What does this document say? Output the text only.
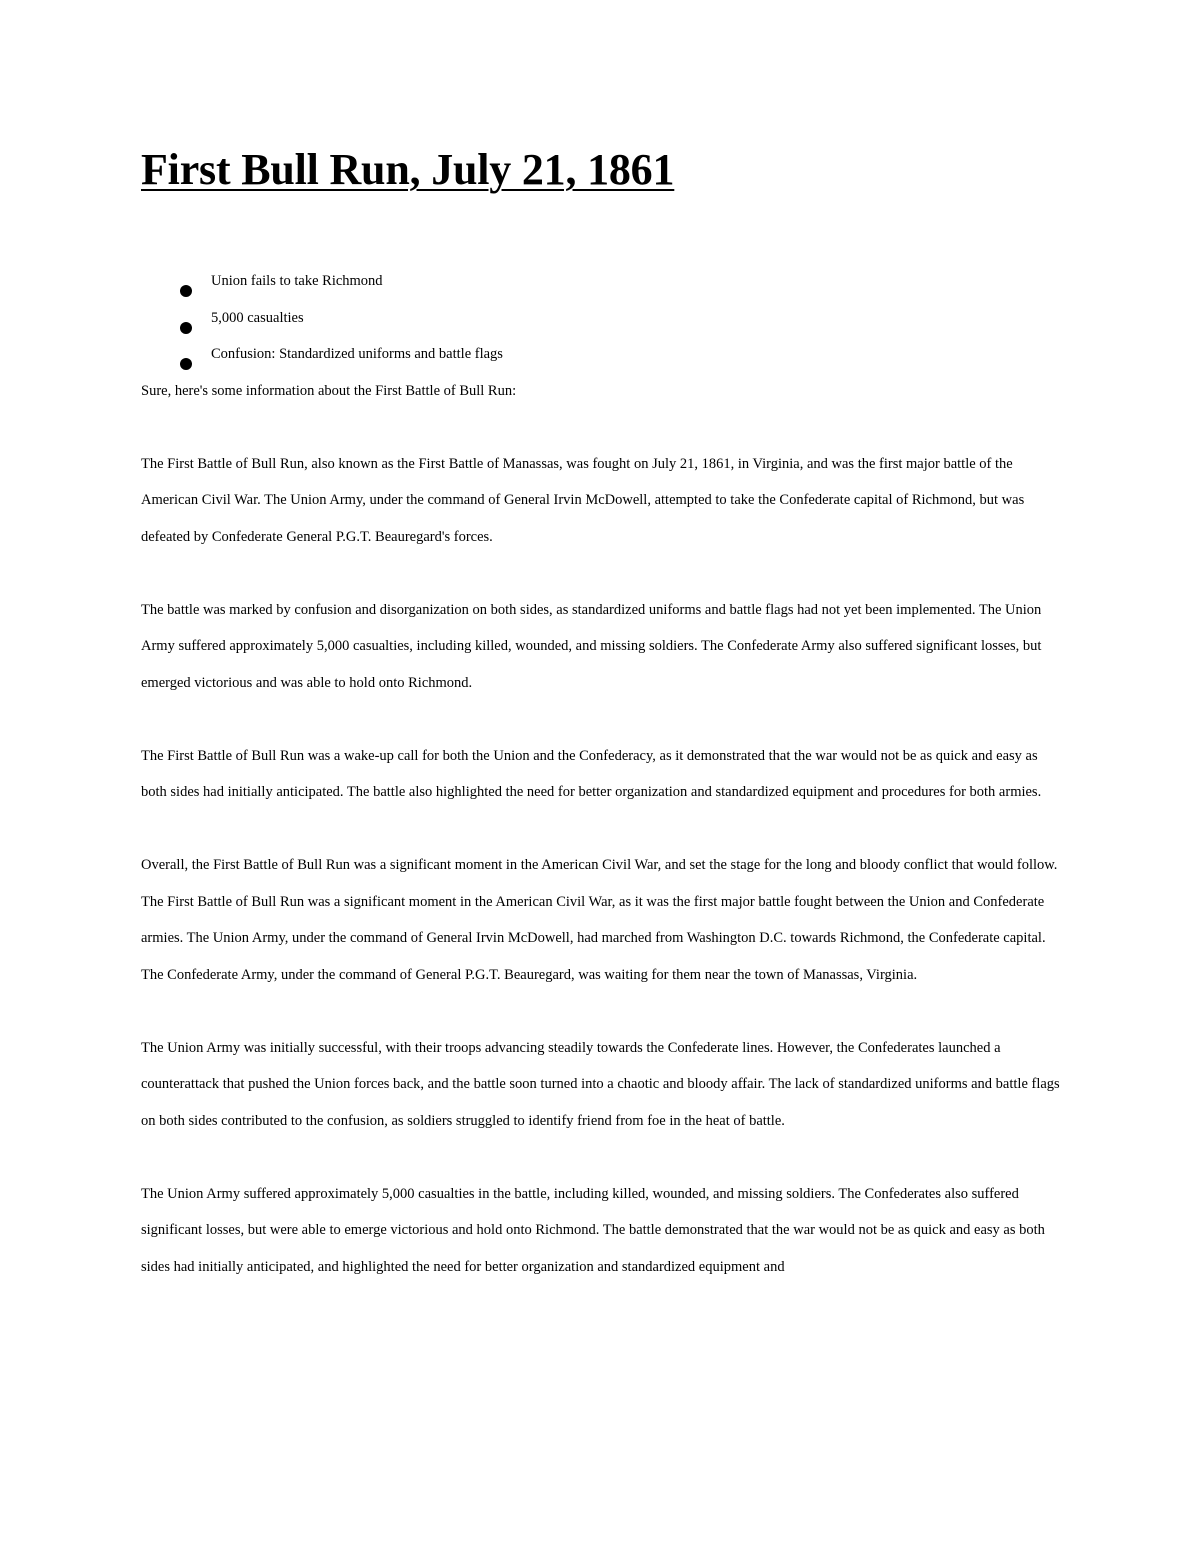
First Bull Run, July 21, 1861
Union fails to take Richmond
5,000 casualties
Confusion: Standardized uniforms and battle flags

Sure, here's some information about the First Battle of Bull Run:

The First Battle of Bull Run, also known as the First Battle of Manassas, was fought on July 21, 1861, in Virginia, and was the first major battle of the American Civil War. The Union Army, under the command of General Irvin McDowell, attempted to take the Confederate capital of Richmond, but was defeated by Confederate General P.G.T. Beauregard's forces.

The battle was marked by confusion and disorganization on both sides, as standardized uniforms and battle flags had not yet been implemented. The Union Army suffered approximately 5,000 casualties, including killed, wounded, and missing soldiers. The Confederate Army also suffered significant losses, but emerged victorious and was able to hold onto Richmond.

The First Battle of Bull Run was a wake-up call for both the Union and the Confederacy, as it demonstrated that the war would not be as quick and easy as both sides had initially anticipated. The battle also highlighted the need for better organization and standardized equipment and procedures for both armies.

Overall, the First Battle of Bull Run was a significant moment in the American Civil War, and set the stage for the long and bloody conflict that would follow.

The First Battle of Bull Run was a significant moment in the American Civil War, as it was the first major battle fought between the Union and Confederate armies. The Union Army, under the command of General Irvin McDowell, had marched from Washington D.C. towards Richmond, the Confederate capital. The Confederate Army, under the command of General P.G.T. Beauregard, was waiting for them near the town of Manassas, Virginia.

The Union Army was initially successful, with their troops advancing steadily towards the Confederate lines. However, the Confederates launched a counterattack that pushed the Union forces back, and the battle soon turned into a chaotic and bloody affair. The lack of standardized uniforms and battle flags on both sides contributed to the confusion, as soldiers struggled to identify friend from foe in the heat of battle.

The Union Army suffered approximately 5,000 casualties in the battle, including killed, wounded, and missing soldiers. The Confederates also suffered significant losses, but were able to emerge victorious and hold onto Richmond. The battle demonstrated that the war would not be as quick and easy as both sides had initially anticipated, and highlighted the need for better organization and standardized equipment and
